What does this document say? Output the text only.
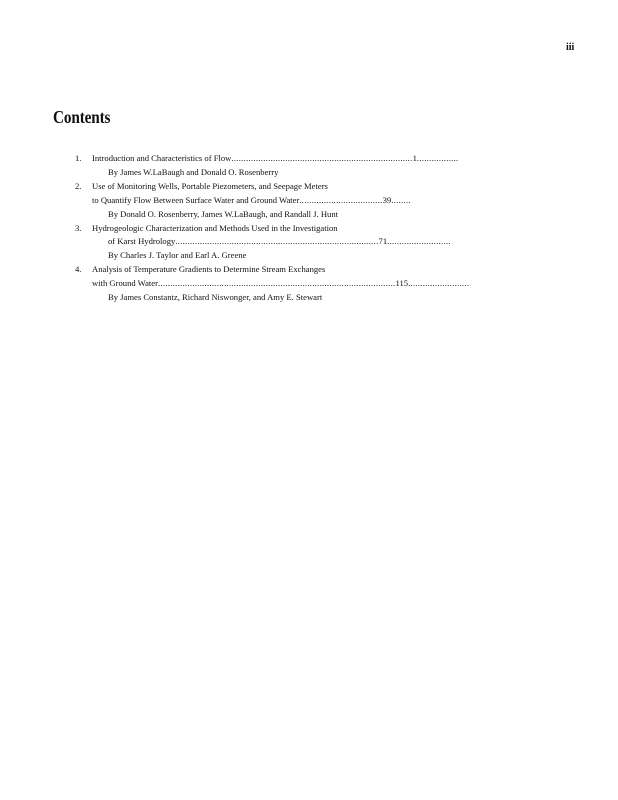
iii
Contents
1.	Introduction and Characteristics of Flow..........................................................................1.................
By James W.LaBaugh and Donald O. Rosenberry
2.	Use of Monitoring Wells, Portable Piezometers, and Seepage Meters
to Quantify Flow Between Surface Water and Ground Water..................................39........
By Donald O. Rosenberry, James W.LaBaugh, and Randall J. Hunt
3.	Hydrogeologic Characterization and Methods Used in the Investigation
of Karst Hydrology...................................................................................71..........................
By Charles J. Taylor and Earl A. Greene
4.	Analysis of Temperature Gradients to Determine Stream Exchanges
with Ground Water.................................................................................................115.........................
By James Constantz, Richard Niswonger, and Amy E. Stewart
